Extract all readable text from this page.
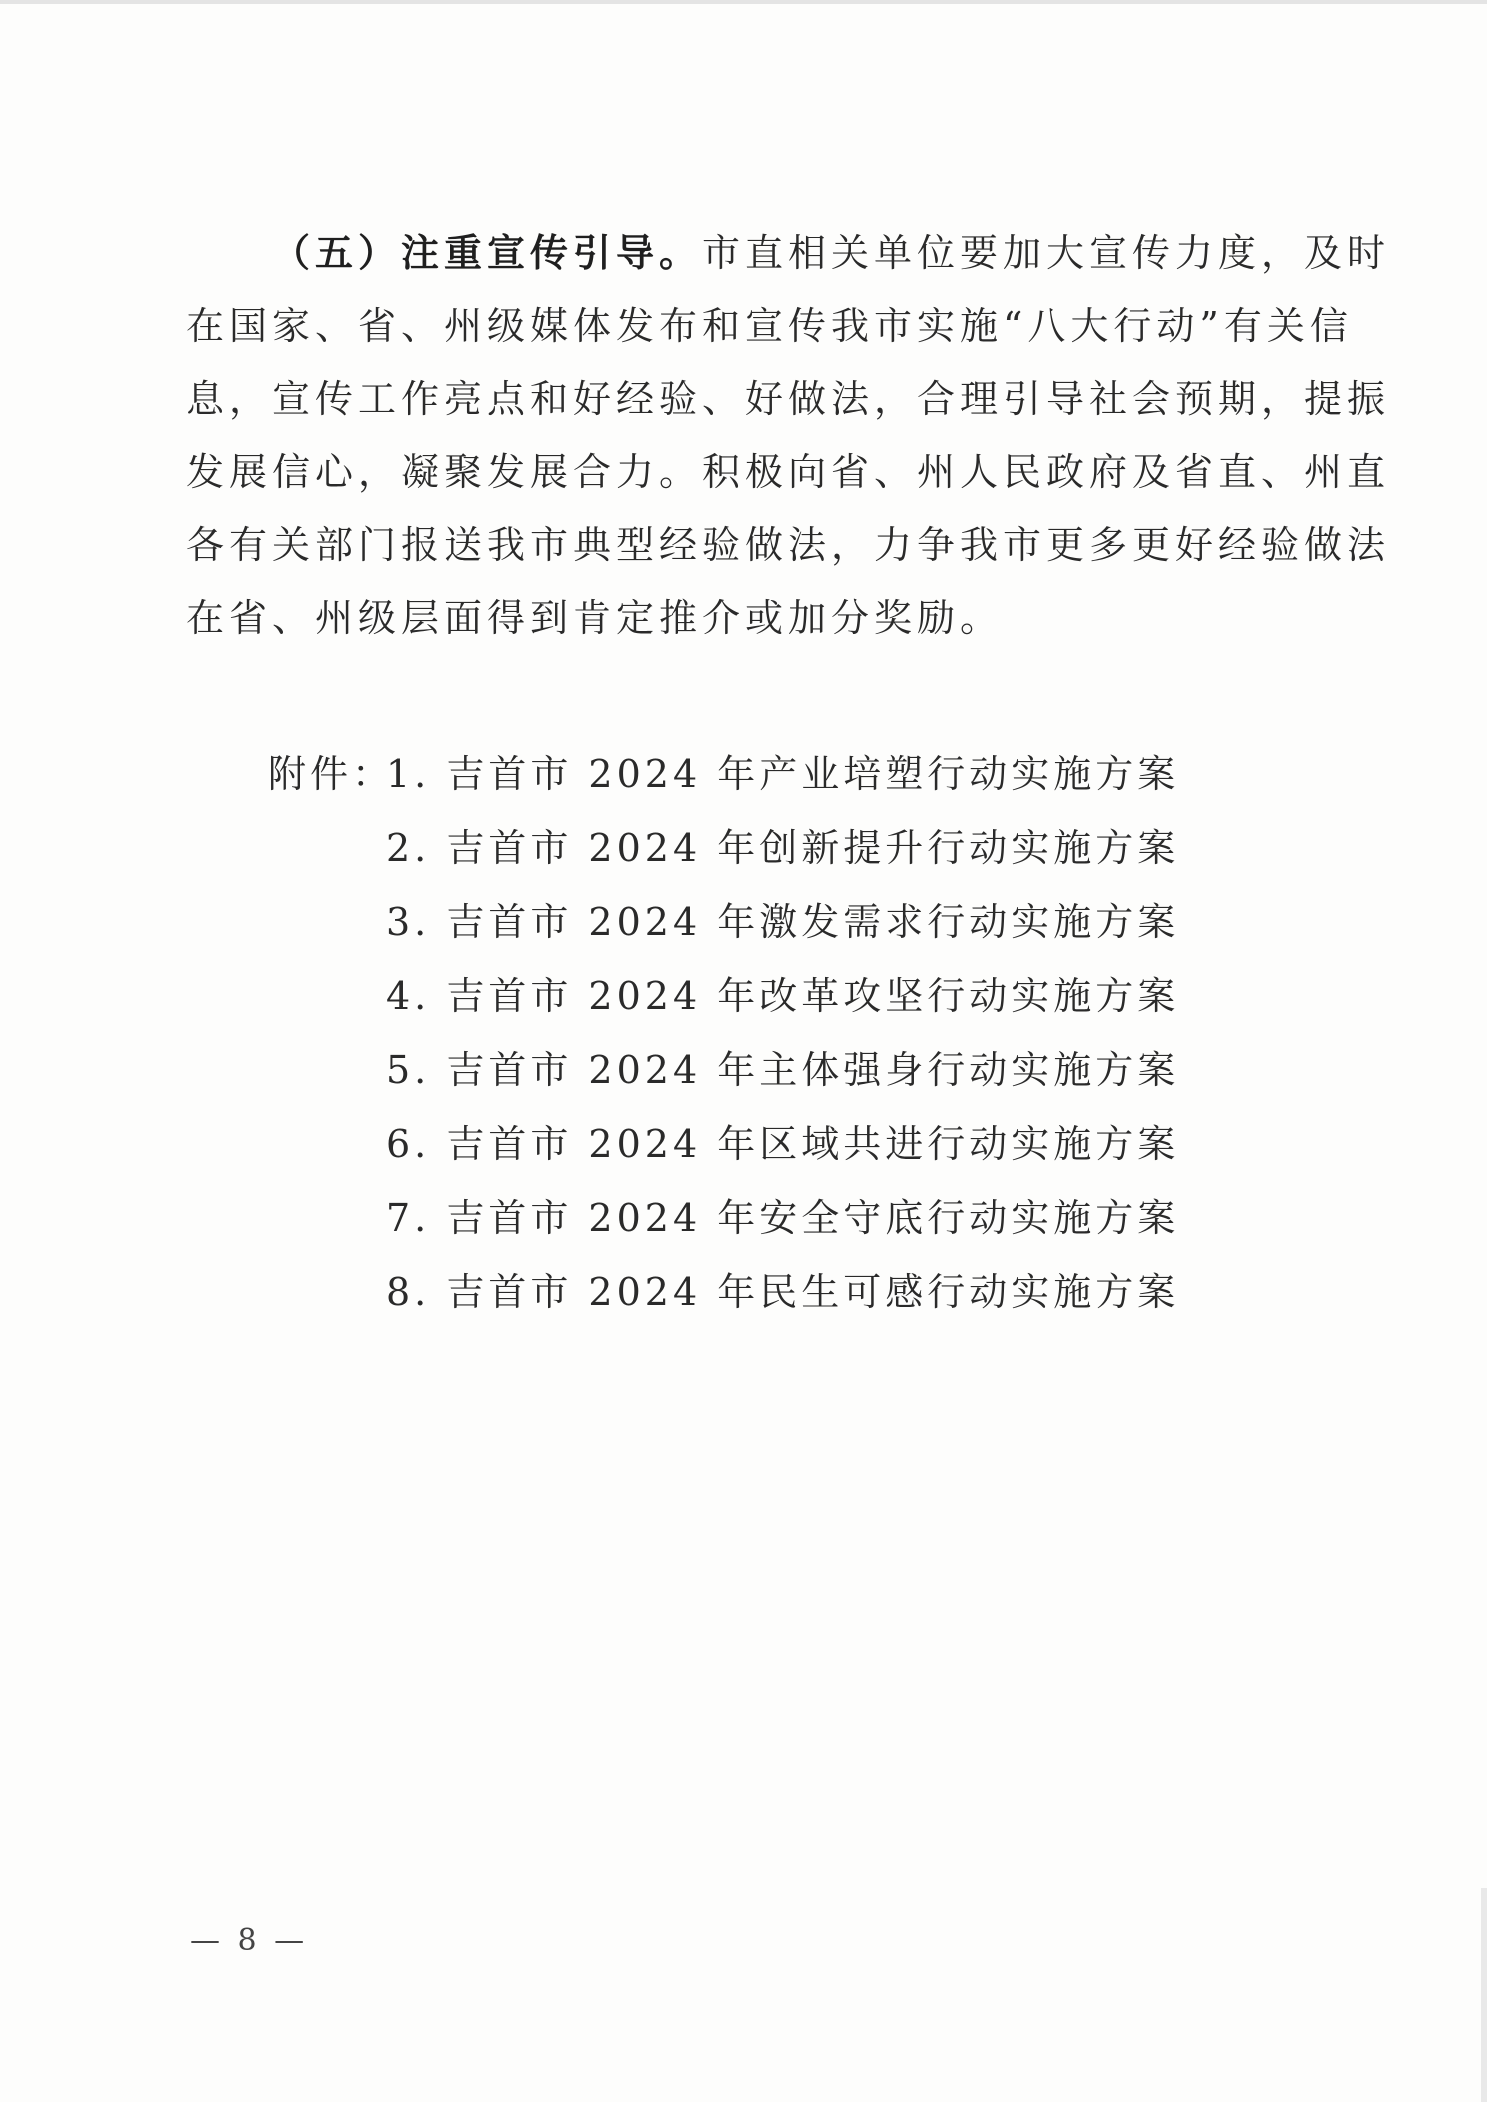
（五）注重宣传引导。市直相关单位要加大宣传力度，及时
在国家、省、州级媒体发布和宣传我市实施“八大行动”有关信
息，宣传工作亮点和好经验、好做法，合理引导社会预期，提振
发展信心，凝聚发展合力。积极向省、州人民政府及省直、州直
各有关部门报送我市典型经验做法，力争我市更多更好经验做法
在省、州级层面得到肯定推介或加分奖励。
附件：
1. 吉首市 2024 年产业培塑行动实施方案
2. 吉首市 2024 年创新提升行动实施方案
3. 吉首市 2024 年激发需求行动实施方案
4. 吉首市 2024 年改革攻坚行动实施方案
5. 吉首市 2024 年主体强身行动实施方案
6. 吉首市 2024 年区域共进行动实施方案
7. 吉首市 2024 年安全守底行动实施方案
8. 吉首市 2024 年民生可感行动实施方案
— 8 —
